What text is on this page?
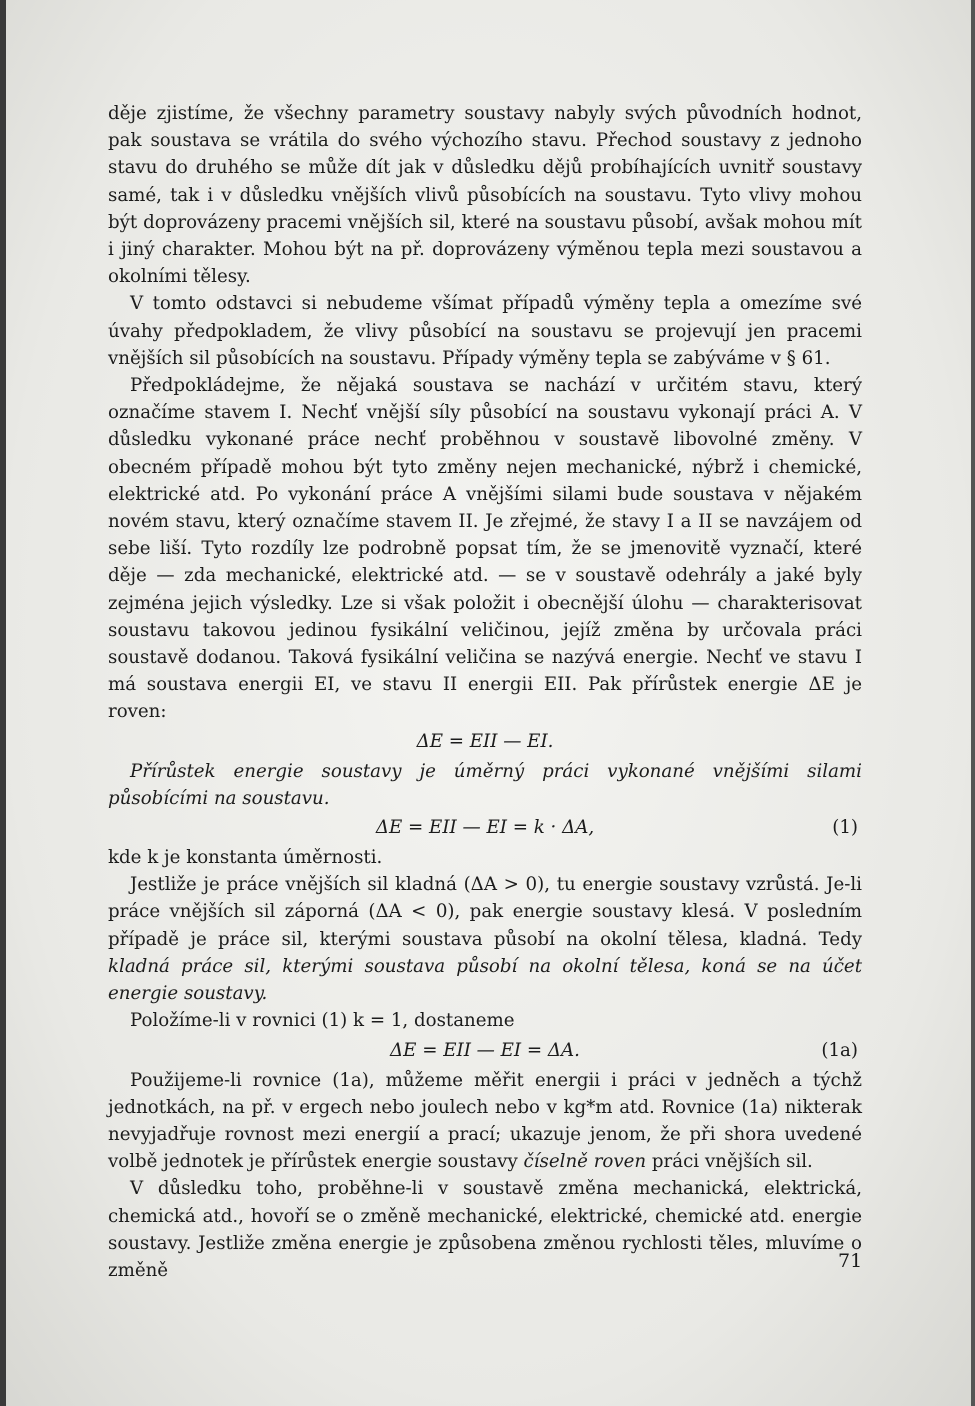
děje zjistíme, že všechny parametry soustavy nabyly svých původních hodnot, pak soustava se vrátila do svého výchozího stavu. Přechod soustavy z jednoho stavu do druhého se může dít jak v důsledku dějů probíhajících uvnitř soustavy samé, tak i v důsledku vnějších vlivů působících na soustavu. Tyto vlivy mohou být doprovázeny pracemi vnějších sil, které na soustavu působí, avšak mohou mít i jiný charakter. Mohou být na př. doprovázeny výměnou tepla mezi soustavou a okolními tělesy.

V tomto odstavci si nebudeme všímat případů výměny tepla a omezíme své úvahy předpokladem, že vlivy působící na soustavu se projevují jen pracemi vnějších sil působících na soustavu. Případy výměny tepla se zabýváme v § 61.

Předpokládejme, že nějaká soustava se nachází v určitém stavu, který označíme stavem I. Nechť vnější síly působící na soustavu vykonají práci A. V důsledku vykonané práce nechť proběhnou v soustavě libovolné změny. V obecném případě mohou být tyto změny nejen mechanické, nýbrž i chemické, elektrické atd. Po vykonání práce A vnějšími silami bude soustava v nějakém novém stavu, který označíme stavem II. Je zřejmé, že stavy I a II se navzájem od sebe liší. Tyto rozdíly lze podrobně popsat tím, že se jmenovitě vyznačí, které děje — zda mechanické, elektrické atd. — se v soustavě odehrály a jaké byly zejména jejich výsledky. Lze si však položit i obecnější úlohu — charakterisovat soustavu takovou jedinou fysikální veličinou, jejíž změna by určovala práci soustavě dodanou. Taková fysikální veličina se nazývá energie. Nechť ve stavu I má soustava energii EI, ve stavu II energii EII. Pak přírůstek energie ΔE je roven:

ΔE = EII — EI.

Přírůstek energie soustavy je úměrný práci vykonané vnějšími silami působícími na soustavu.

ΔE = EII — EI = k · ΔA,	(1)

kde k je konstanta úměrnosti.

Jestliže je práce vnějších sil kladná (ΔA > 0), tu energie soustavy vzrůstá. Je-li práce vnějších sil záporná (ΔA < 0), pak energie soustavy klesá. V posledním případě je práce sil, kterými soustava působí na okolní tělesa, kladná. Tedy kladná práce sil, kterými soustava působí na okolní tělesa, koná se na účet energie soustavy.

Položíme-li v rovnici (1) k = 1, dostaneme

ΔE = EII — EI = ΔA.	(1a)

Použijeme-li rovnice (1a), můžeme měřit energii i práci v jedněch a týchž jednotkách, na př. v ergech nebo joulech nebo v kg*m atd. Rovnice (1a) nikterak nevyjadřuje rovnost mezi energií a prací; ukazuje jenom, že při shora uvedené volbě jednotek je přírůstek energie soustavy číselně roven práci vnějších sil.

V důsledku toho, proběhne-li v soustavě změna mechanická, elektrická, chemická atd., hovoří se o změně mechanické, elektrické, chemické atd. energie soustavy. Jestliže změna energie je způsobena změnou rychlosti těles, mluvíme o změně	71
